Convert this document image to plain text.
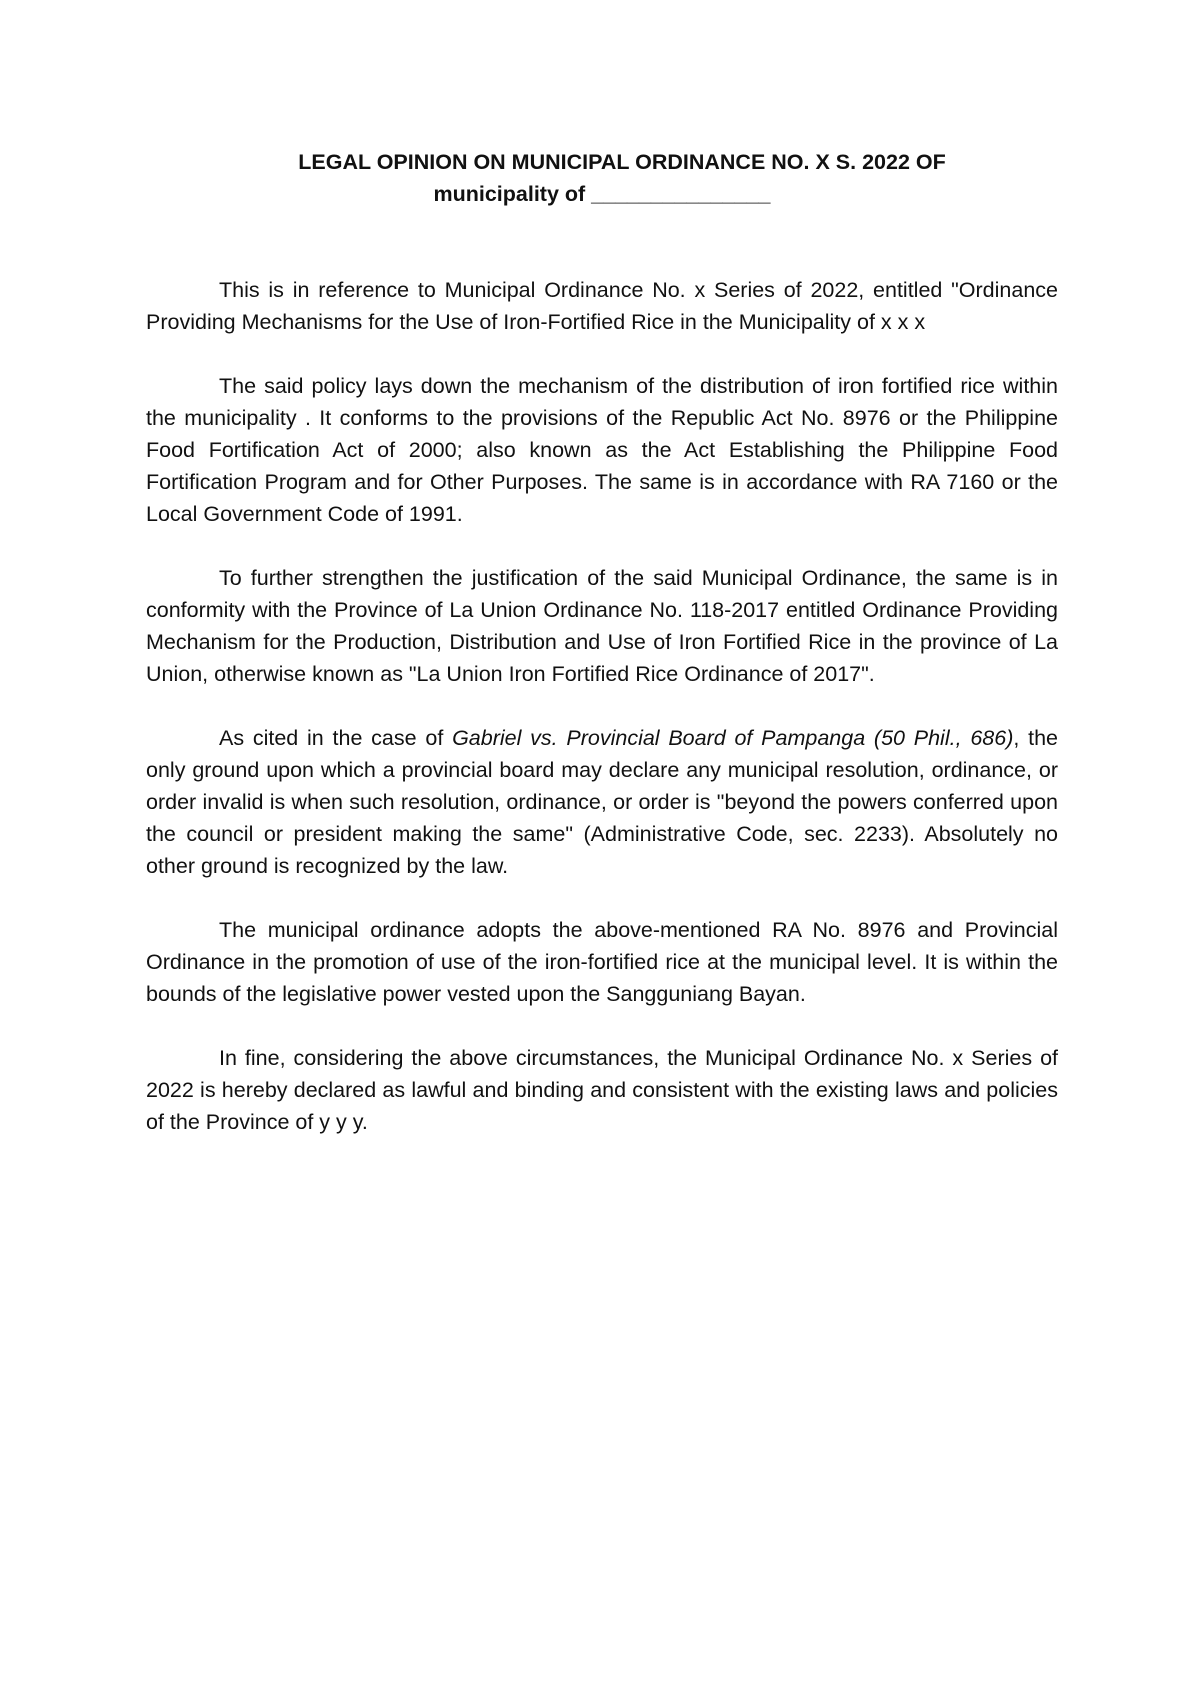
LEGAL OPINION ON MUNICIPAL ORDINANCE NO. X S. 2022 OF
municipality of _______________

This is in reference to Municipal Ordinance No. x Series of 2022, entitled "Ordinance Providing Mechanisms for the Use of Iron-Fortified Rice in the Municipality of x x x

The said policy lays down the mechanism of the distribution of iron fortified rice within the municipality . It conforms to the provisions of the Republic Act No. 8976 or the Philippine Food Fortification Act of 2000; also known as the Act Establishing the Philippine Food Fortification Program and for Other Purposes. The same is in accordance with RA 7160 or the Local Government Code of 1991.

To further strengthen the justification of the said Municipal Ordinance, the same is in conformity with the Province of La Union Ordinance No. 118-2017 entitled Ordinance Providing Mechanism for the Production, Distribution and Use of Iron Fortified Rice in the province of La Union, otherwise known as "La Union Iron Fortified Rice Ordinance of 2017".

As cited in the case of Gabriel vs. Provincial Board of Pampanga (50 Phil., 686), the only ground upon which a provincial board may declare any municipal resolution, ordinance, or order invalid is when such resolution, ordinance, or order is "beyond the powers conferred upon the council or president making the same" (Administrative Code, sec. 2233). Absolutely no other ground is recognized by the law.

The municipal ordinance adopts the above-mentioned RA No. 8976 and Provincial Ordinance in the promotion of use of the iron-fortified rice at the municipal level. It is within the bounds of the legislative power vested upon the Sangguniang Bayan.

In fine, considering the above circumstances, the Municipal Ordinance No. x Series of 2022 is hereby declared as lawful and binding and consistent with the existing laws and policies of the Province of y y y.
